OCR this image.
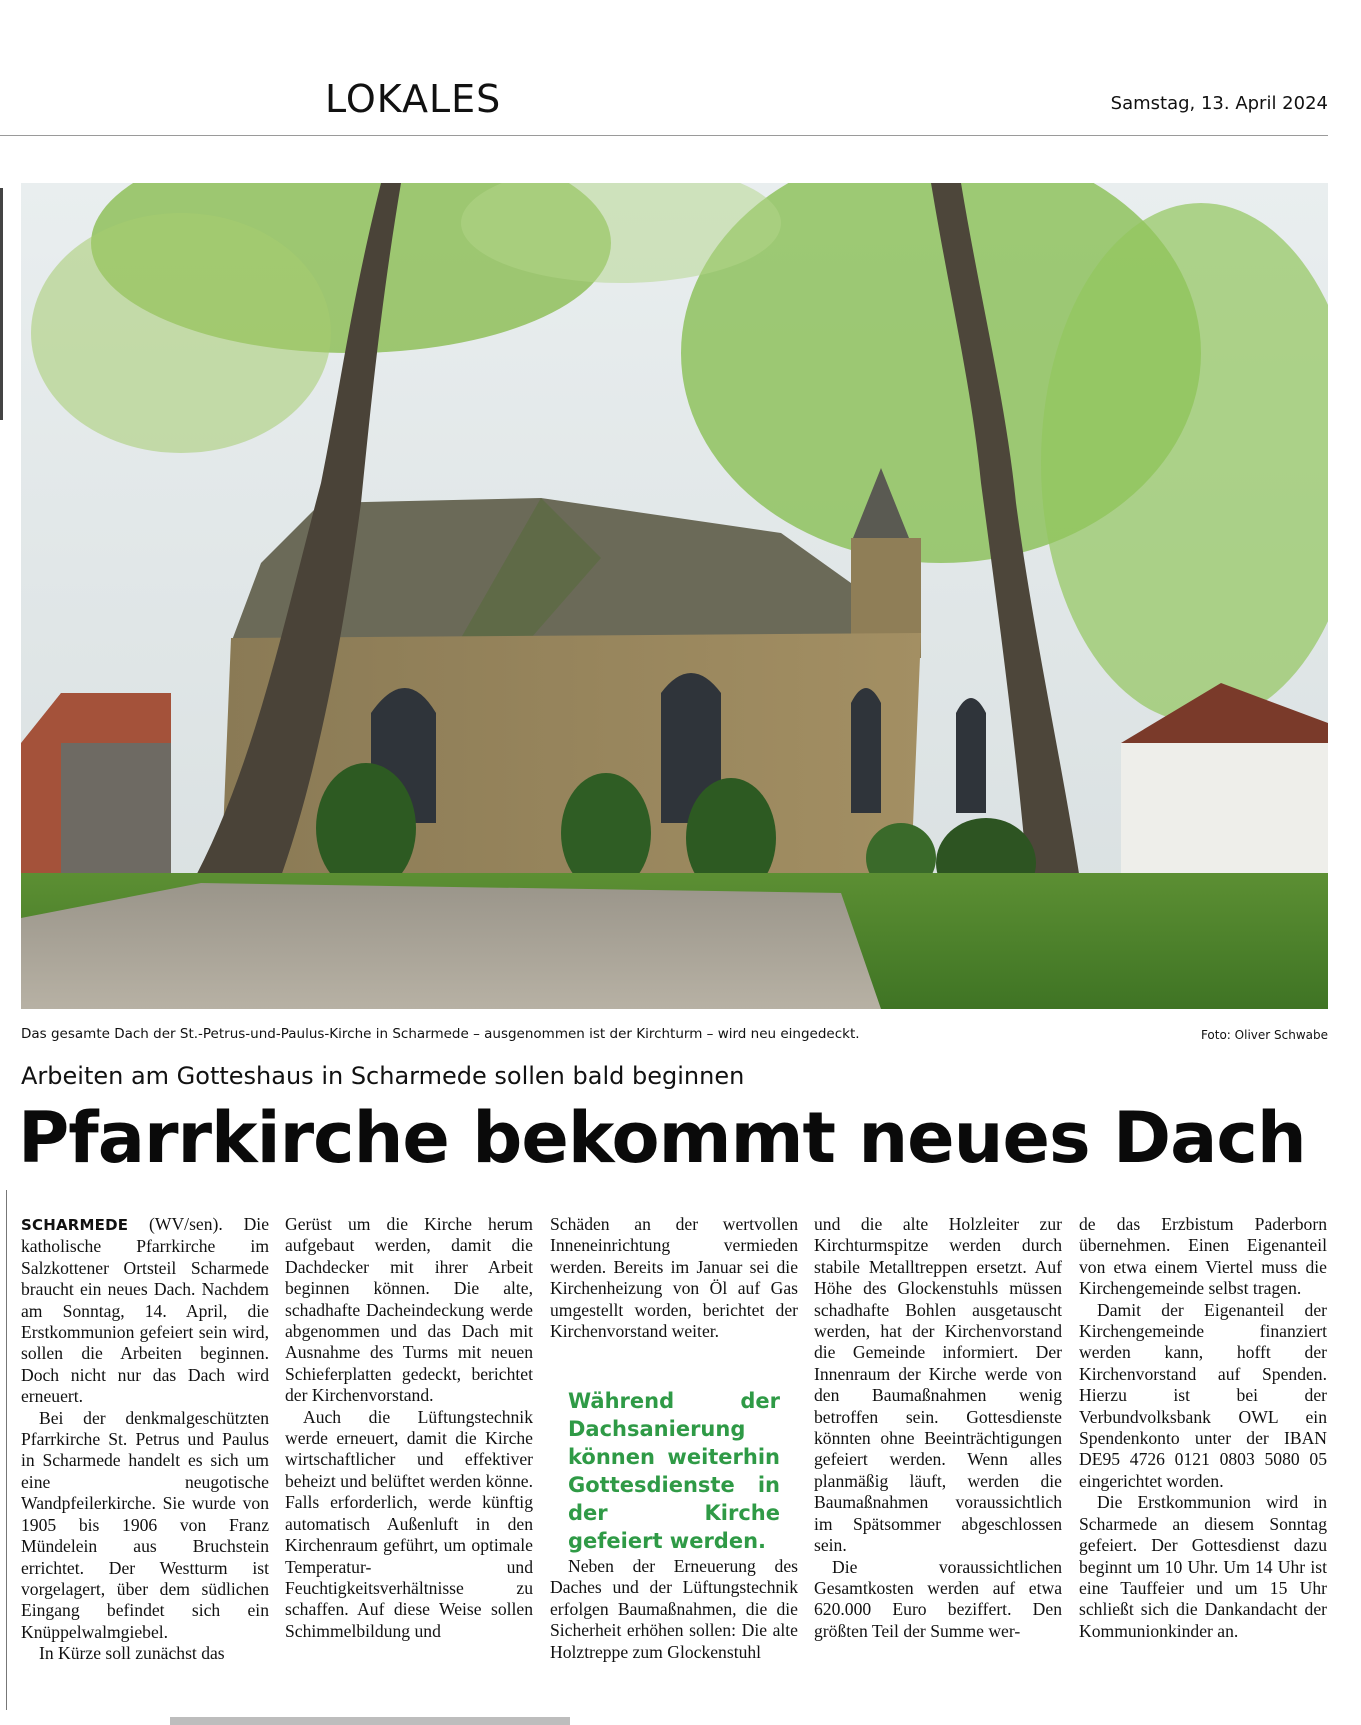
LOKALES	Samstag, 13. April 2024
Das gesamte Dach der St.-Petrus-und-Paulus-Kirche in Scharmede – ausgenommen ist der Kirchturm – wird neu eingedeckt.	Foto: Oliver Schwabe
Arbeiten am Gotteshaus in Scharmede sollen bald beginnen
Pfarrkirche bekommt neues Dach

SCHARMEDE (WV/sen). Die katholische Pfarrkirche im Salzkottener Ortsteil Scharmede braucht ein neues Dach. Nachdem am Sonntag, 14. April, die Erstkommunion gefeiert sein wird, sollen die Arbeiten beginnen. Doch nicht nur das Dach wird erneuert.

Bei der denkmalgeschützten Pfarrkirche St. Petrus und Paulus in Scharmede handelt es sich um eine neugotische Wandpfeilerkirche. Sie wurde von 1905 bis 1906 von Franz Mündelein aus Bruchstein errichtet. Der Westturm ist vorgelagert, über dem südlichen Eingang befindet sich ein Knüppelwalmgiebel.

In Kürze soll zunächst das

Gerüst um die Kirche herum aufgebaut werden, damit die Dachdecker mit ihrer Arbeit beginnen können. Die alte, schadhafte Dacheindeckung werde abgenommen und das Dach mit Ausnahme des Turms mit neuen Schieferplatten gedeckt, berichtet der Kirchenvorstand.

Auch die Lüftungstechnik werde erneuert, damit die Kirche wirtschaftlicher und effektiver beheizt und belüftet werden könne. Falls erforderlich, werde künftig automatisch Außenluft in den Kirchenraum geführt, um optimale Temperatur- und Feuchtigkeitsverhältnisse zu schaffen. Auf diese Weise sollen Schimmelbildung und

Schäden an der wertvollen Inneneinrichtung vermieden werden. Bereits im Januar sei die Kirchenheizung von Öl auf Gas umgestellt worden, berichtet der Kirchenvorstand weiter.

Während der Dachsanierung können weiterhin Gottesdienste in der Kirche gefeiert werden.

Neben der Erneuerung des Daches und der Lüftungstechnik erfolgen Baumaßnahmen, die die Sicherheit erhöhen sollen: Die alte Holztreppe zum Glockenstuhl

und die alte Holzleiter zur Kirchturmspitze werden durch stabile Metalltreppen ersetzt. Auf Höhe des Glockenstuhls müssen schadhafte Bohlen ausgetauscht werden, hat der Kirchenvorstand die Gemeinde informiert. Der Innenraum der Kirche werde von den Baumaßnahmen wenig betroffen sein. Gottesdienste könnten ohne Beeinträchtigungen gefeiert werden. Wenn alles planmäßig läuft, werden die Baumaßnahmen voraussichtlich im Spätsommer abgeschlossen sein.

Die voraussichtlichen Gesamtkosten werden auf etwa 620.000 Euro beziffert. Den größten Teil der Summe wer-

de das Erzbistum Paderborn übernehmen. Einen Eigenanteil von etwa einem Viertel muss die Kirchengemeinde selbst tragen.

Damit der Eigenanteil der Kirchengemeinde finanziert werden kann, hofft der Kirchenvorstand auf Spenden. Hierzu ist bei der Verbundvolksbank OWL ein Spendenkonto unter der IBAN DE95 4726 0121 0803 5080 05 eingerichtet worden.

Die Erstkommunion wird in Scharmede an diesem Sonntag gefeiert. Der Gottesdienst dazu beginnt um 10 Uhr. Um 14 Uhr ist eine Tauffeier und um 15 Uhr schließt sich die Dankandacht der Kommunionkinder an.
